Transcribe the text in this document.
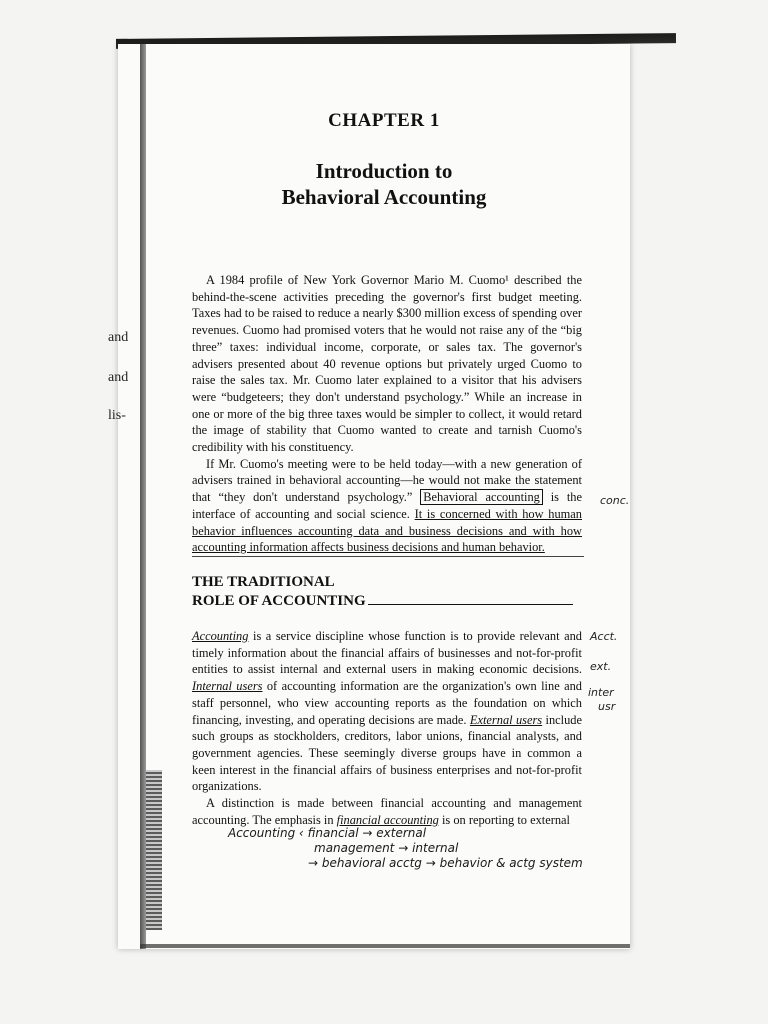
and
and
lis-
CHAPTER 1
Introduction to
Behavioral Accounting

A 1984 profile of New York Governor Mario M. Cuomo¹ described the behind-the-scene activities preceding the governor's first budget meeting. Taxes had to be raised to reduce a nearly $300 million excess of spending over revenues. Cuomo had promised voters that he would not raise any of the “big three” taxes: individual income, corporate, or sales tax. The governor's advisers presented about 40 revenue options but privately urged Cuomo to raise the sales tax. Mr. Cuomo later explained to a visitor that his advisers were “budgeteers; they don't understand psychology.” While an increase in one or more of the big three taxes would be simpler to collect, it would retard the image of stability that Cuomo wanted to create and tarnish Cuomo's credibility with his constituency.

If Mr. Cuomo's meeting were to be held today—with a new generation of advisers trained in behavioral accounting—he would not make the statement that “they don't understand psychology.” Behavioral accounting is the interface of accounting and social science. It is concerned with how human behavior influences accounting data and business decisions and with how accounting information affects business decisions and human behavior.

THE TRADITIONAL
ROLE OF ACCOUNTING

Accounting is a service discipline whose function is to provide relevant and timely information about the financial affairs of businesses and not-for-profit entities to assist internal and external users in making economic decisions. Internal users of accounting information are the organization's own line and staff personnel, who view accounting reports as the foundation on which financing, investing, and operating decisions are made. External users include such groups as stockholders, creditors, labor unions, financial analysts, and government agencies. These seemingly diverse groups have in common a keen interest in the financial affairs of business enterprises and not-for-profit organizations.

A distinction is made between financial accounting and management accounting. The emphasis in financial accounting is on reporting to external

conc.
Acct.
ext.
inter
usr
Accounting ‹ financial → external
management → internal
→ behavioral acctg → behavior & actg system
